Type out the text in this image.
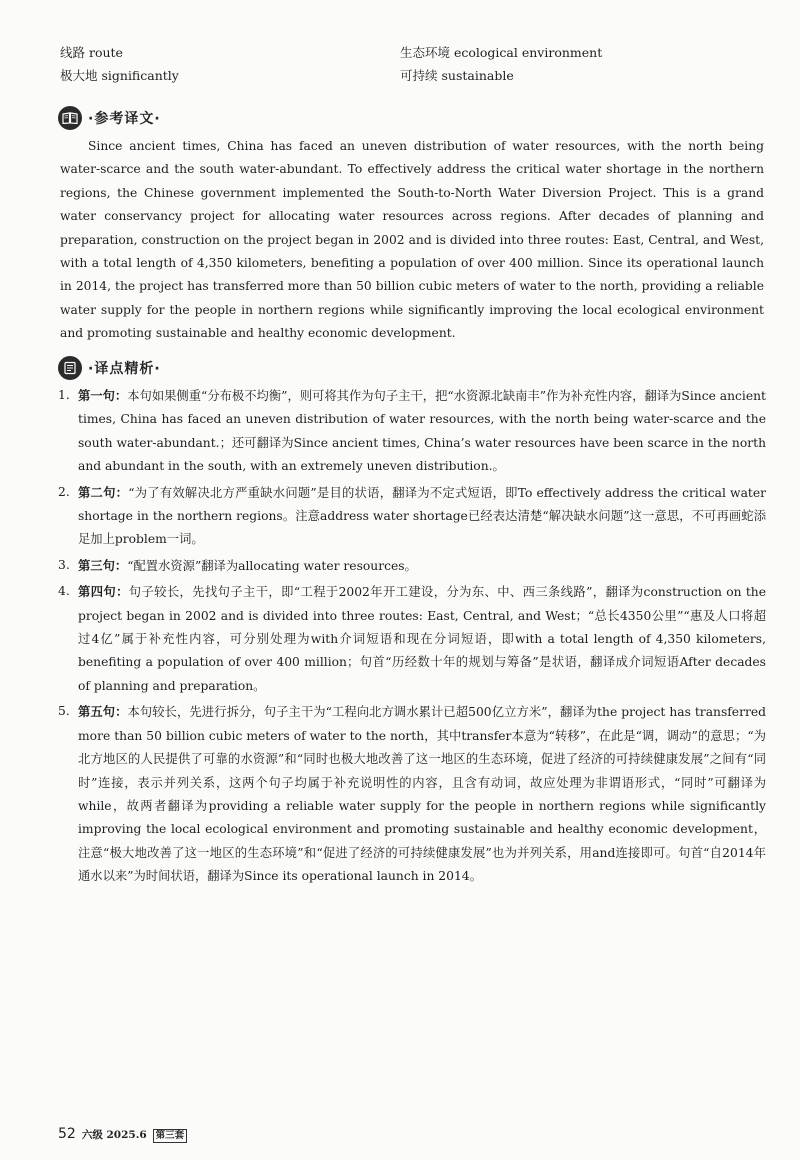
线路 route	生态环境 ecological environment
极大地 significantly	可持续 sustainable
·参考译文·

Since ancient times, China has faced an uneven distribution of water resources, with the north being water-scarce and the south water-abundant. To effectively address the critical water shortage in the northern regions, the Chinese government implemented the South-to-North Water Diversion Project. This is a grand water conservancy project for allocating water resources across regions. After decades of planning and preparation, construction on the project began in 2002 and is divided into three routes: East, Central, and West, with a total length of 4,350 kilometers, benefiting a population of over 400 million. Since its operational launch in 2014, the project has transferred more than 50 billion cubic meters of water to the north, providing a reliable water supply for the people in northern regions while significantly improving the local ecological environment and promoting sustainable and healthy economic development.

·译点精析·
1. 第一句：本句如果侧重“分布极不均衡”，则可将其作为句子主干，把“水资源北缺南丰”作为补充性内容，翻译为Since ancient times, China has faced an uneven distribution of water resources, with the north being water-scarce and the south water-abundant.；还可翻译为Since ancient times, China’s water resources have been scarce in the north and abundant in the south, with an extremely uneven distribution.。
2. 第二句：“为了有效解决北方严重缺水问题”是目的状语，翻译为不定式短语，即To effectively address the critical water shortage in the northern regions。注意address water shortage已经表达清楚“解决缺水问题”这一意思，不可再画蛇添足加上problem一词。
3. 第三句：“配置水资源”翻译为allocating water resources。
4. 第四句：句子较长，先找句子主干，即“工程于2002年开工建设，分为东、中、西三条线路”，翻译为construction on the project began in 2002 and is divided into three routes: East, Central, and West；“总长4350公里”“惠及人口将超过4亿”属于补充性内容，可分别处理为with介词短语和现在分词短语，即with a total length of 4,350 kilometers, benefiting a population of over 400 million；句首“历经数十年的规划与筹备”是状语，翻译成介词短语After decades of planning and preparation。
5. 第五句：本句较长，先进行拆分，句子主干为“工程向北方调水累计已超500亿立方米”，翻译为the project has transferred more than 50 billion cubic meters of water to the north，其中transfer本意为“转移”，在此是“调，调动”的意思；“为北方地区的人民提供了可靠的水资源”和“同时也极大地改善了这一地区的生态环境，促进了经济的可持续健康发展”之间有“同时”连接，表示并列关系，这两个句子均属于补充说明性的内容，且含有动词，故应处理为非谓语形式，“同时”可翻译为while，故两者翻译为providing a reliable water supply for the people in northern regions while significantly improving the local ecological environment and promoting sustainable and healthy economic development，注意“极大地改善了这一地区的生态环境”和“促进了经济的可持续健康发展”也为并列关系，用and连接即可。句首“自2014年通水以来”为时间状语，翻译为Since its operational launch in 2014。
52 六级 2025.6 第三套
